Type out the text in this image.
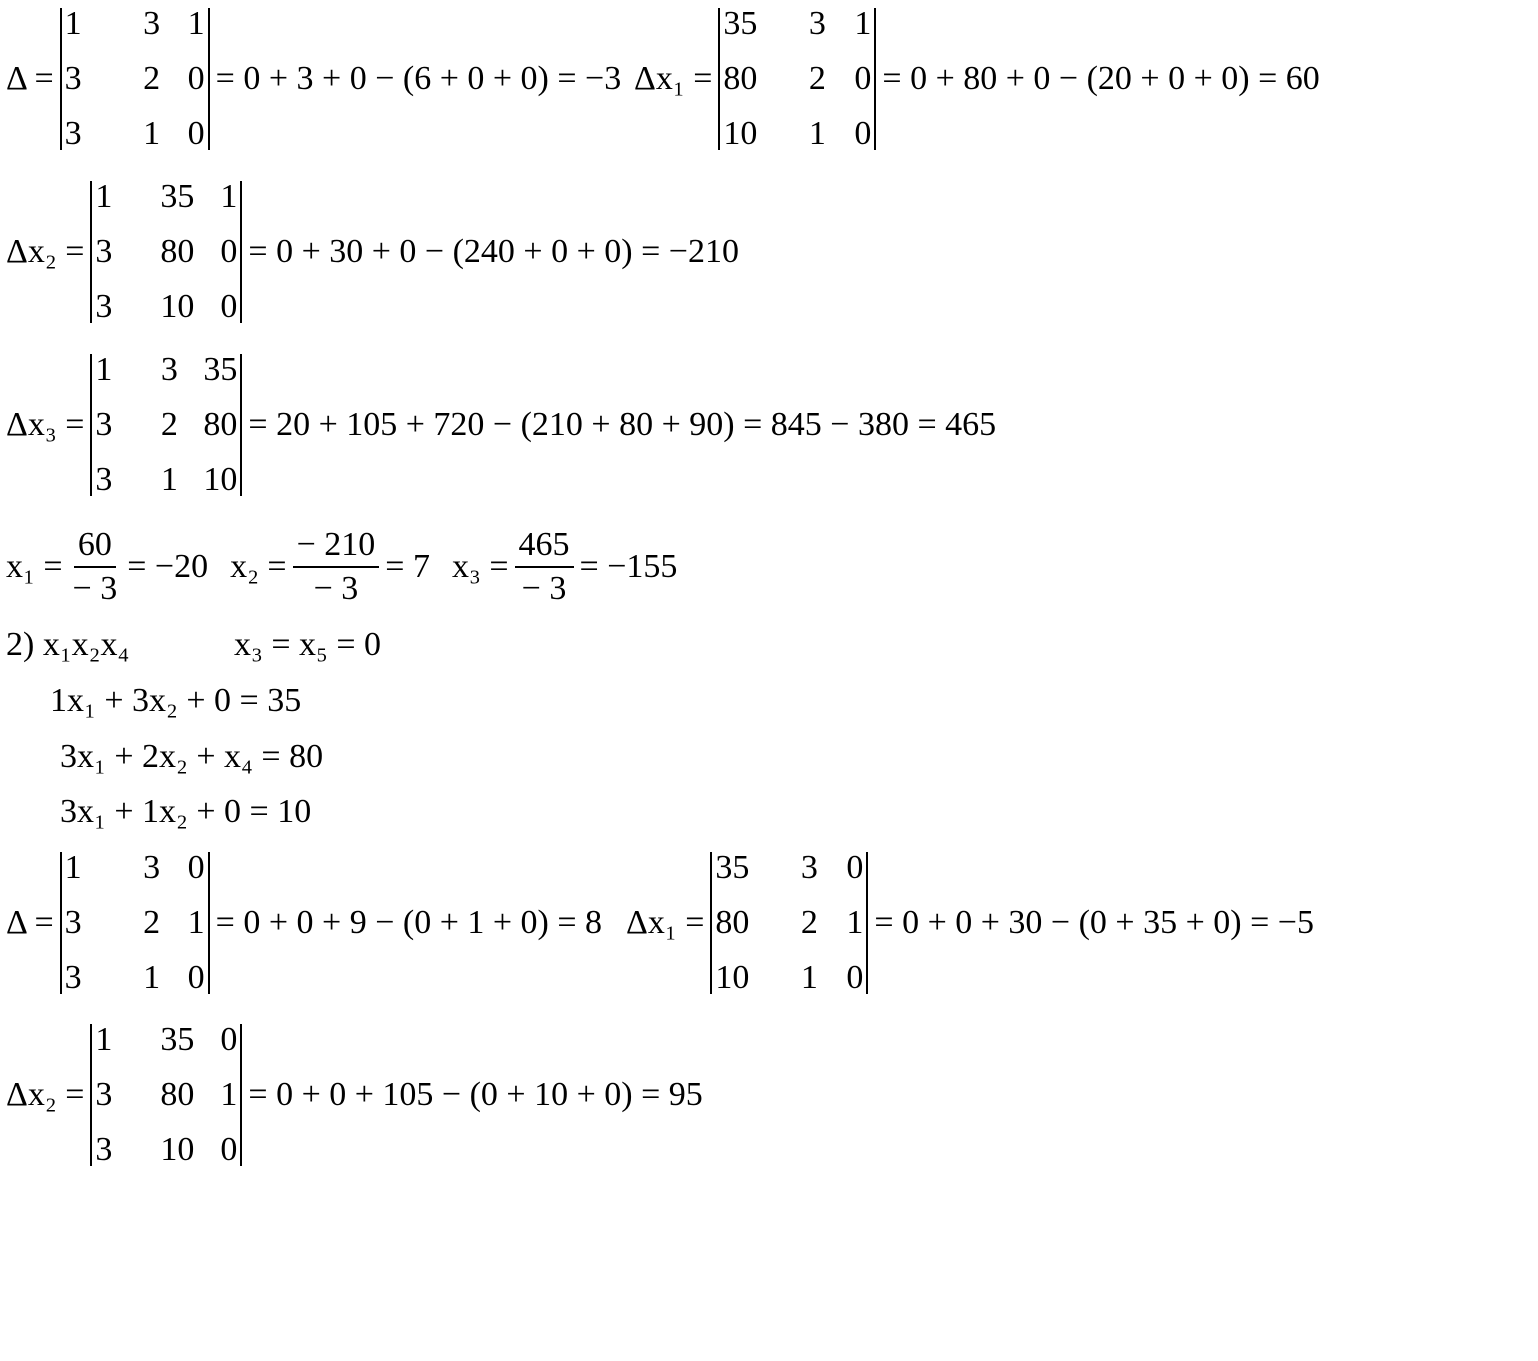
Δ =
1	3 1
3	2 0
3	1 0
= 0 + 3 + 0 − (6 + 0 + 0) = −3 Δx₁ =
35	3 1
80	2 0
10	1 0
= 0 + 80 + 0 − (20 + 0 + 0) = 60
Δx₂ =
1	35 1
3	80 0
3	10 0
= 0 + 30 + 0 − (240 + 0 + 0) = −210
Δx₃ =
1	3 35
3	2 80
3	1 10
= 20 + 105 + 720 − (210 + 80 + 90) = 845 − 380 = 465
$x_1 = \frac{60}{- 3} = -20$ $x_2 = \frac{- 210}{- 3} = 7$ $x_3 = \frac{465}{- 3} = -155$
2) x₁x₂x₄	x₃ = x₅ = 0
1x₁ + 3x₂ + 0 = 35
3x₁ + 2x₂ + x₄ = 80
3x₁ + 1x₂ + 0 = 10
Δ =
1	3 0
3	2 1
3	1 0
= 0 + 0 + 9 − (0 + 1 + 0) = 8 Δx₁ =
35	3 0
80	2 1
10	1 0
= 0 + 0 + 30 − (0 + 35 + 0) = −5
Δx₂ =
1	35 0
3	80 1
3	10 0
= 0 + 0 + 105 − (0 + 10 + 0) = 95
